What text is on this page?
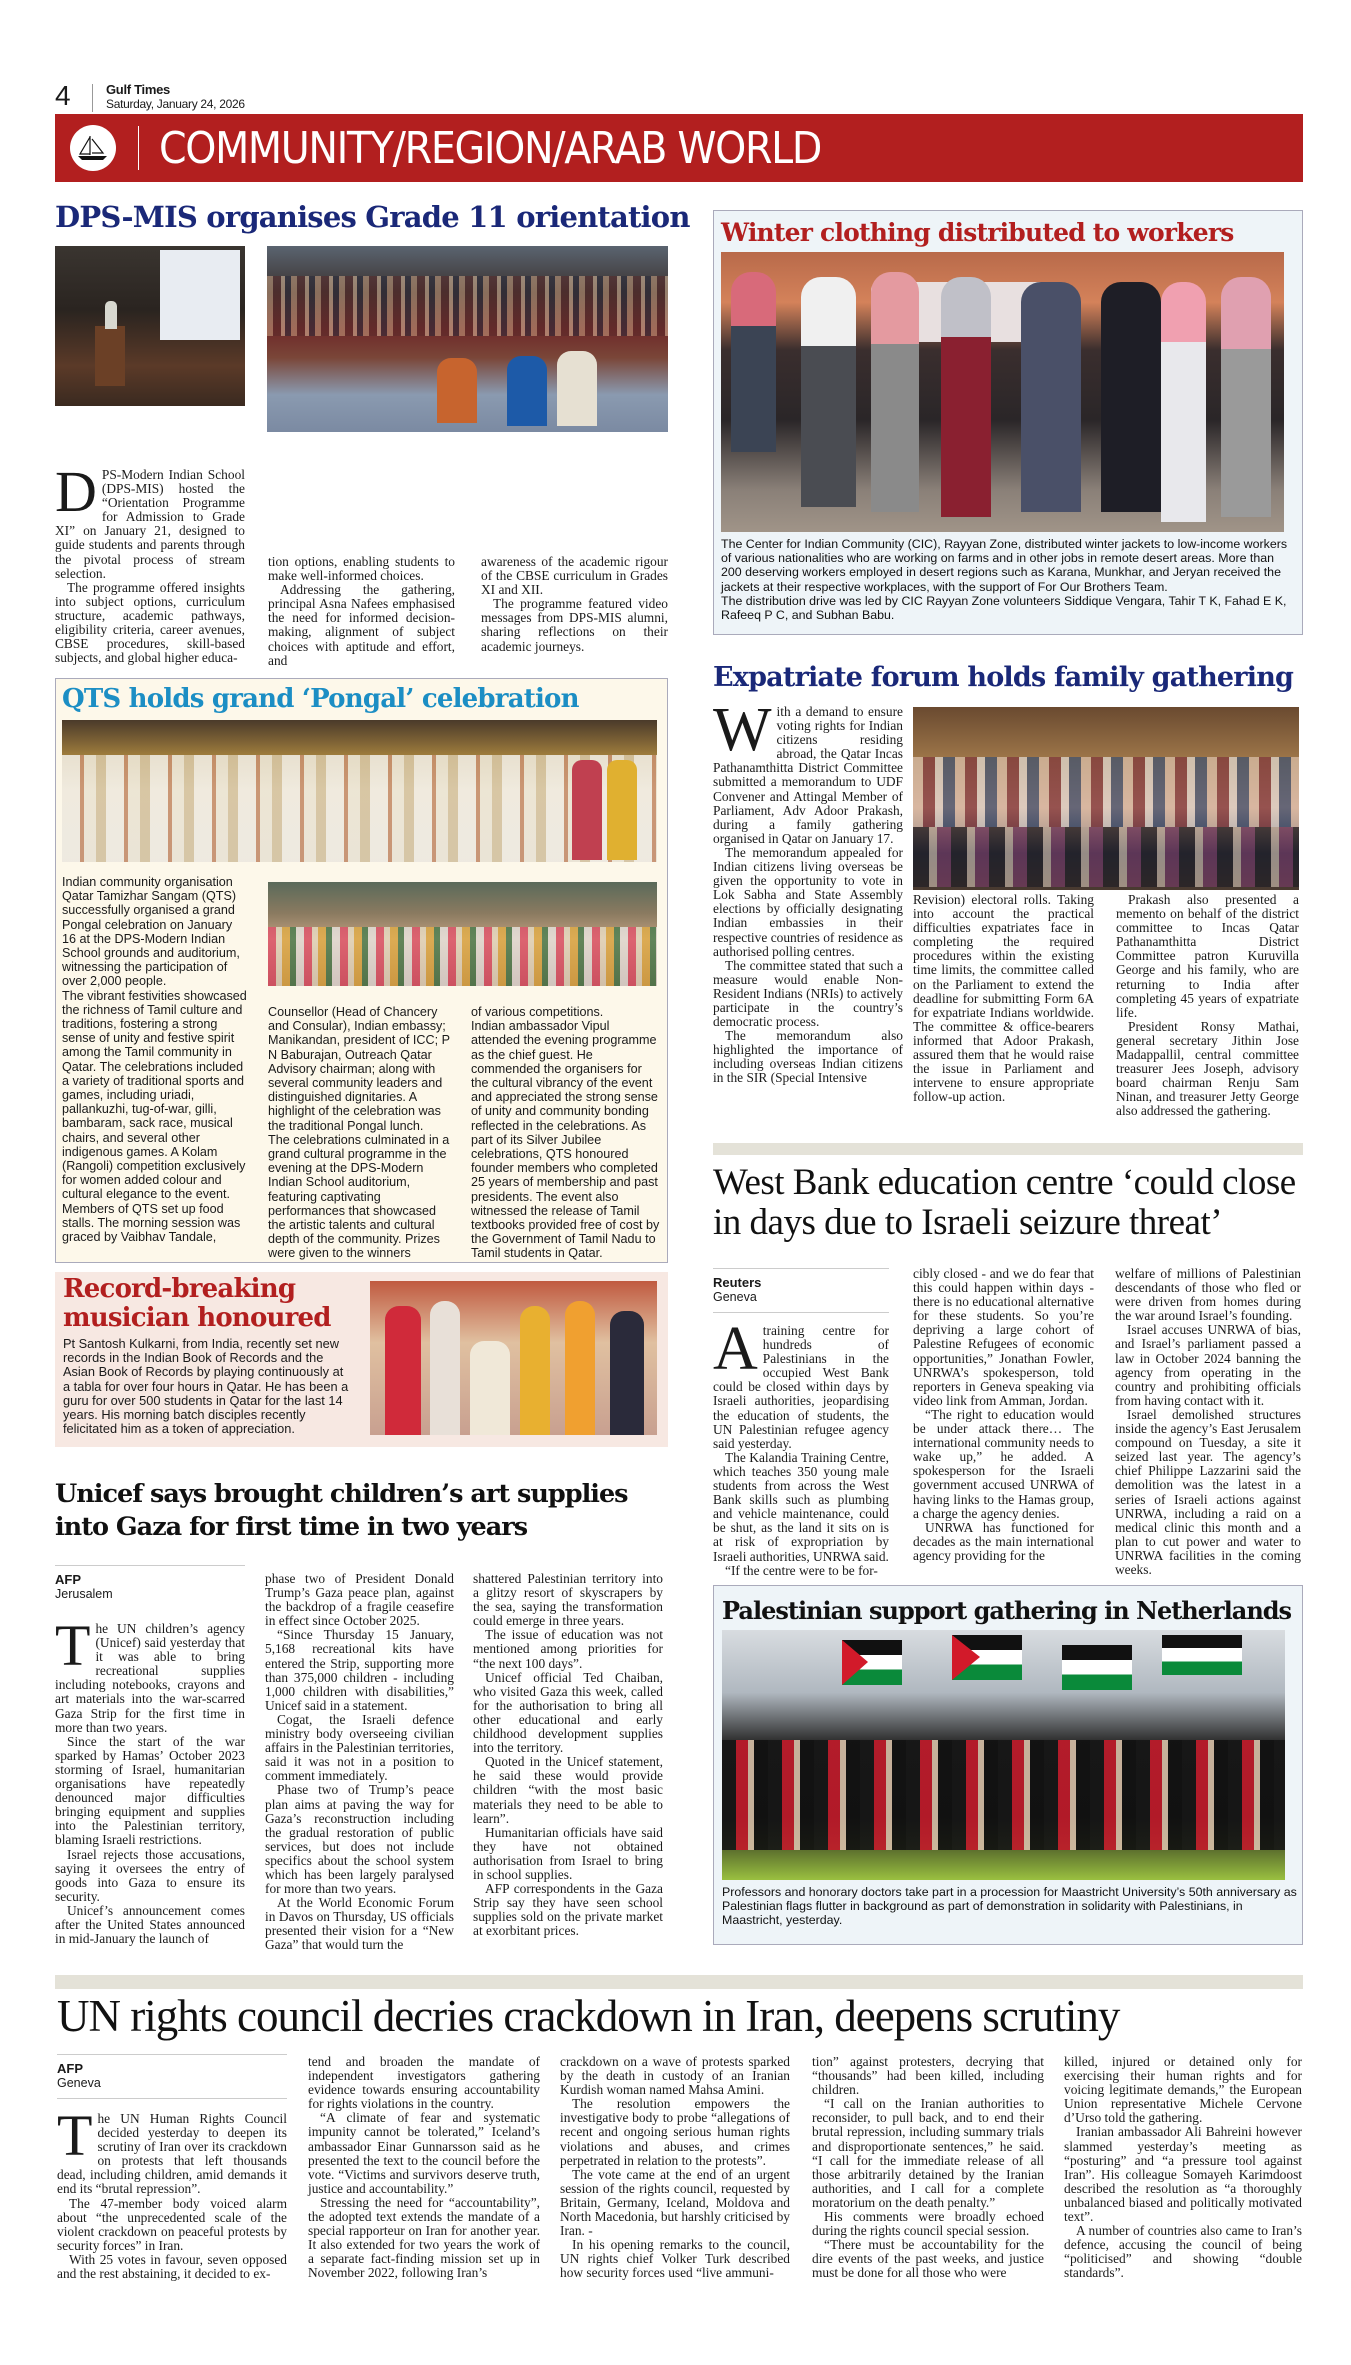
4	Gulf Times
Saturday, January 24, 2026
COMMUNITY/REGION/ARAB WORLD
DPS-MIS organises Grade 11 orientation

DPS-Modern Indian School (DPS-MIS) hosted the “Orientation Programme for Admission to Grade XI” on January 21, designed to guide students and parents through the pivotal process of stream selection.

The programme offered insights into subject options, curriculum structure, academic pathways, eligibility criteria, career avenues, CBSE procedures, skill-based subjects, and global higher educa-

tion options, enabling students to make well-informed choices.

Addressing the gathering, principal Asna Nafees emphasised the need for informed decision-making, alignment of subject choices with aptitude and effort, and

awareness of the academic rigour of the CBSE curriculum in Grades XI and XII.

The programme featured video messages from DPS-MIS alumni, sharing reflections on their academic journeys.

Winter clothing distributed to workers

The Center for Indian Community (CIC), Rayyan Zone, distributed winter jackets to low-income workers of various nationalities who are working on farms and in other jobs in remote desert areas. More than 200 deserving workers employed in desert regions such as Karana, Munkhar, and Jeryan received the jackets at their respective workplaces, with the support of For Our Brothers Team.

The distribution drive was led by CIC Rayyan Zone volunteers Siddique Vengara, Tahir T K, Fahad E K, Rafeeq P C, and Subhan Babu.

Expatriate forum holds family gathering

With a demand to ensure voting rights for Indian citizens residing abroad, the Qatar Incas Pathanamthitta District Committee submitted a memorandum to UDF Convener and Attingal Member of Parliament, Adv Adoor Prakash, during a family gathering organised in Qatar on January 17.

The memorandum appealed for Indian citizens living overseas be given the opportunity to vote in Lok Sabha and State Assembly elections by officially designating Indian embassies in their respective countries of residence as authorised polling centres.

The committee stated that such a measure would enable Non-Resident Indians (NRIs) to actively participate in the country’s democratic process.

The memorandum also highlighted the importance of including overseas Indian citizens in the SIR (Special Intensive

Revision) electoral rolls. Taking into account the practical difficulties expatriates face in completing the required procedures within the existing time limits, the committee called on the Parliament to extend the deadline for submitting Form 6A for expatriate Indians worldwide. The committee & office-bearers informed that Adoor Prakash, assured them that he would raise the issue in Parliament and intervene to ensure appropriate follow-up action.

Prakash also presented a memento on behalf of the district committee to Incas Qatar Pathanamthitta District Committee patron Kuruvilla George and his family, who are returning to India after completing 45 years of expatriate life.

President Ronsy Mathai, general secretary Jithin Jose Madappallil, central committee treasurer Jees Joseph, advisory board chairman Renju Sam Ninan, and treasurer Jetty George also addressed the gathering.

QTS holds grand ‘Pongal’ celebration

Indian community organisation Qatar Tamizhar Sangam (QTS) successfully organised a grand Pongal celebration on January 16 at the DPS-Modern Indian School grounds and auditorium, witnessing the participation of over 2,000 people.

The vibrant festivities showcased the richness of Tamil culture and traditions, fostering a strong sense of unity and festive spirit among the Tamil community in Qatar. The celebrations included a variety of traditional sports and games, including uriadi, pallankuzhi, tug-of-war, gilli, bambaram, sack race, musical chairs, and several other indigenous games. A Kolam (Rangoli) competition exclusively for women added colour and cultural elegance to the event. Members of QTS set up food stalls. The morning session was graced by Vaibhav Tandale,

Counsellor (Head of Chancery and Consular), Indian embassy; Manikandan, president of ICC; P N Baburajan, Outreach Qatar Advisory chairman; along with several community leaders and distinguished dignitaries. A highlight of the celebration was the traditional Pongal lunch.

The celebrations culminated in a grand cultural programme in the evening at the DPS-Modern Indian School auditorium, featuring captivating performances that showcased the artistic talents and cultural depth of the community. Prizes were given to the winners

of various competitions.

Indian ambassador Vipul attended the evening programme as the chief guest. He commended the organisers for the cultural vibrancy of the event and appreciated the strong sense of unity and community bonding reflected in the celebrations. As part of its Silver Jubilee celebrations, QTS honoured founder members who completed 25 years of membership and past presidents. The event also witnessed the release of Tamil textbooks provided free of cost by the Government of Tamil Nadu to Tamil students in Qatar.

Record-breaking musician honoured

Pt Santosh Kulkarni, from India, recently set new records in the Indian Book of Records and the Asian Book of Records by playing continuously at a tabla for over four hours in Qatar. He has been a guru for over 500 students in Qatar for the last 14 years. His morning batch disciples recently felicitated him as a token of appreciation.

Unicef says brought children’s art supplies into Gaza for first time in two years
AFP
Jerusalem

The UN children’s agency (Unicef) said yesterday that it was able to bring recreational supplies including notebooks, crayons and art materials into the war-scarred Gaza Strip for the first time in more than two years.

Since the start of the war sparked by Hamas’ October 2023 storming of Israel, humanitarian organisations have repeatedly denounced major difficulties bringing equipment and supplies into the Palestinian territory, blaming Israeli restrictions.

Israel rejects those accusations, saying it oversees the entry of goods into Gaza to ensure its security.

Unicef’s announcement comes after the United States announced in mid-January the launch of

phase two of President Donald Trump’s Gaza peace plan, against the backdrop of a fragile ceasefire in effect since October 2025.

“Since Thursday 15 January, 5,168 recreational kits have entered the Strip, supporting more than 375,000 children - including 1,000 children with disabilities,” Unicef said in a statement.

Cogat, the Israeli defence ministry body overseeing civilian affairs in the Palestinian territories, said it was not in a position to comment immediately.

Phase two of Trump’s peace plan aims at paving the way for Gaza’s reconstruction including the gradual restoration of public services, but does not include specifics about the school system which has been largely paralysed for more than two years.

At the World Economic Forum in Davos on Thursday, US officials presented their vision for a “New Gaza” that would turn the

shattered Palestinian territory into a glitzy resort of skyscrapers by the sea, saying the transformation could emerge in three years.

The issue of education was not mentioned among priorities for “the next 100 days”.

Unicef official Ted Chaiban, who visited Gaza this week, called for the authorisation to bring all other educational and early childhood development supplies into the territory.

Quoted in the Unicef statement, he said these would provide children “with the most basic materials they need to be able to learn”.

Humanitarian officials have said they have not obtained authorisation from Israel to bring in school supplies.

AFP correspondents in the Gaza Strip say they have seen school supplies sold on the private market at exorbitant prices.

West Bank education centre ‘could close in days due to Israeli seizure threat’
Reuters
Geneva

A training centre for hundreds of Palestinians in the occupied West Bank could be closed within days by Israeli authorities, jeopardising the education of students, the UN Palestinian refugee agency said yesterday.

The Kalandia Training Centre, which teaches 350 young male students from across the West Bank skills such as plumbing and vehicle maintenance, could be shut, as the land it sits on is at risk of expropriation by Israeli authorities, UNRWA said.

“If the centre were to be for-

cibly closed - and we do fear that this could happen within days - there is no educational alternative for these students. So you’re depriving a large cohort of Palestine Refugees of economic opportunities,” Jonathan Fowler, UNRWA’s spokesperson, told reporters in Geneva speaking via video link from Amman, Jordan.

“The right to education would be under attack there… The international community needs to wake up,” he added. A spokesperson for the Israeli government accused UNRWA of having links to the Hamas group, a charge the agency denies.

UNRWA has functioned for decades as the main international agency providing for the

welfare of millions of Palestinian descendants of those who fled or were driven from homes during the war around Israel’s founding.

Israel accuses UNRWA of bias, and Israel’s parliament passed a law in October 2024 banning the agency from operating in the country and prohibiting officials from having contact with it.

Israel demolished structures inside the agency’s East Jerusalem compound on Tuesday, a site it seized last year. The agency’s chief Philippe Lazzarini said the demolition was the latest in a series of Israeli actions against UNRWA, including a raid on a medical clinic this month and a plan to cut power and water to UNRWA facilities in the coming weeks.

Palestinian support gathering in Netherlands
Professors and honorary doctors take part in a procession for Maastricht University’s 50th anniversary as Palestinian flags flutter in background as part of demonstration in solidarity with Palestinians, in Maastricht, yesterday.
UN rights council decries crackdown in Iran, deepens scrutiny
AFP
Geneva

The UN Human Rights Council decided yesterday to deepen its scrutiny of Iran over its crackdown on protests that left thousands dead, including children, amid demands it end its “brutal repression”.

The 47-member body voiced alarm about “the unprecedented scale of the violent crackdown on peaceful protests by security forces” in Iran.

With 25 votes in favour, seven opposed and the rest abstaining, it decided to ex-

tend and broaden the mandate of independent investigators gathering evidence towards ensuring accountability for rights violations in the country.

“A climate of fear and systematic impunity cannot be tolerated,” Iceland’s ambassador Einar Gunnarsson said as he presented the text to the council before the vote. “Victims and survivors deserve truth, justice and accountability.”

Stressing the need for “accountability”, the adopted text extends the mandate of a special rapporteur on Iran for another year. It also extended for two years the work of a separate fact-finding mission set up in November 2022, following Iran’s

crackdown on a wave of protests sparked by the death in custody of an Iranian Kurdish woman named Mahsa Amini.

The resolution empowers the investigative body to probe “allegations of recent and ongoing serious human rights violations and abuses, and crimes perpetrated in relation to the protests”.

The vote came at the end of an urgent session of the rights council, requested by Britain, Germany, Iceland, Moldova and North Macedonia, but harshly criticised by Iran. -

In his opening remarks to the council, UN rights chief Volker Turk described how security forces used “live ammuni-

tion” against protesters, decrying that “thousands” had been killed, including children.

“I call on the Iranian authorities to reconsider, to pull back, and to end their brutal repression, including summary trials and disproportionate sentences,” he said. “I call for the immediate release of all those arbitrarily detained by the Iranian authorities, and I call for a complete moratorium on the death penalty.”

His comments were broadly echoed during the rights council special session.

“There must be accountability for the dire events of the past weeks, and justice must be done for all those who were

killed, injured or detained only for exercising their human rights and for voicing legitimate demands,” the European Union representative Michele Cervone d’Urso told the gathering.

Iranian ambassador Ali Bahreini however slammed yesterday’s meeting as “posturing” and “a pressure tool against Iran”. His colleague Somayeh Karimdoost described the resolution as “a thoroughly unbalanced biased and politically motivated text”.

A number of countries also came to Iran’s defence, accusing the council of being “politicised” and showing “double standards”.
